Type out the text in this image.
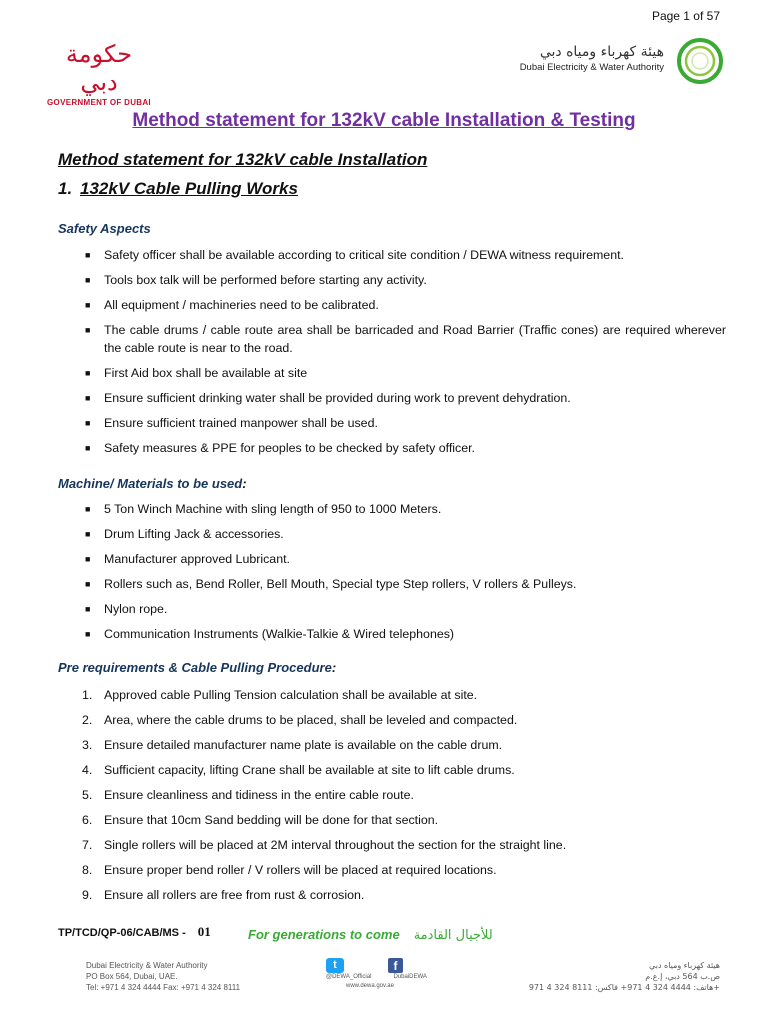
Page 1 of 57
حكومة دبي
GOVERNMENT OF DUBAI
هيئة كهرباء ومياه دبي
Dubai Electricity & Water Authority
Method statement for 132kV cable Installation & Testing
Method statement for 132kV cable Installation
1. 132kV Cable Pulling Works
Safety Aspects
■ Safety officer shall be available according to critical site condition / DEWA witness requirement.
■ Tools box talk will be performed before starting any activity.
■ All equipment / machineries need to be calibrated.
■ The cable drums / cable route area shall be barricaded and Road Barrier (Traffic cones) are required wherever the cable route is near to the road.
■ First Aid box shall be available at site
■ Ensure sufficient drinking water shall be provided during work to prevent dehydration.
■ Ensure sufficient trained manpower shall be used.
■ Safety measures & PPE for peoples to be checked by safety officer.
Machine/ Materials to be used:
■ 5 Ton Winch Machine with sling length of 950 to 1000 Meters.
■ Drum Lifting Jack & accessories.
■ Manufacturer approved Lubricant.
■ Rollers such as, Bend Roller, Bell Mouth, Special type Step rollers, V rollers & Pulleys.
■ Nylon rope.
■ Communication Instruments (Walkie-Talkie & Wired telephones)
Pre requirements & Cable Pulling Procedure:
1. Approved cable Pulling Tension calculation shall be available at site.
2. Area, where the cable drums to be placed, shall be leveled and compacted.
3. Ensure detailed manufacturer name plate is available on the cable drum.
4. Sufficient capacity, lifting Crane shall be available at site to lift cable drums.
5. Ensure cleanliness and tidiness in the entire cable route.
6. Ensure that 10cm Sand bedding will be done for that section.
7. Single rollers will be placed at 2M interval throughout the section for the straight line.
8. Ensure proper bend roller / V rollers will be placed at required locations.
9. Ensure all rollers are free from rust & corrosion.
TP/TCD/QP-06/CAB/MS - 01	For generations to come للأجيال القادمة
Dubai Electricity & Water Authority
PO Box 564, Dubai, UAE.
Tel: +971 4 324 4444 Fax: +971 4 324 8111
t	f
@DEWA_Official	DubaiDEWA
www.dewa.gov.ae
هيئة كهرباء ومياه دبي
ص.ب 564 دبي، إ.ع.م
هاتف: 4444 324 4 971+ فاكس: 8111 324 4 971+
